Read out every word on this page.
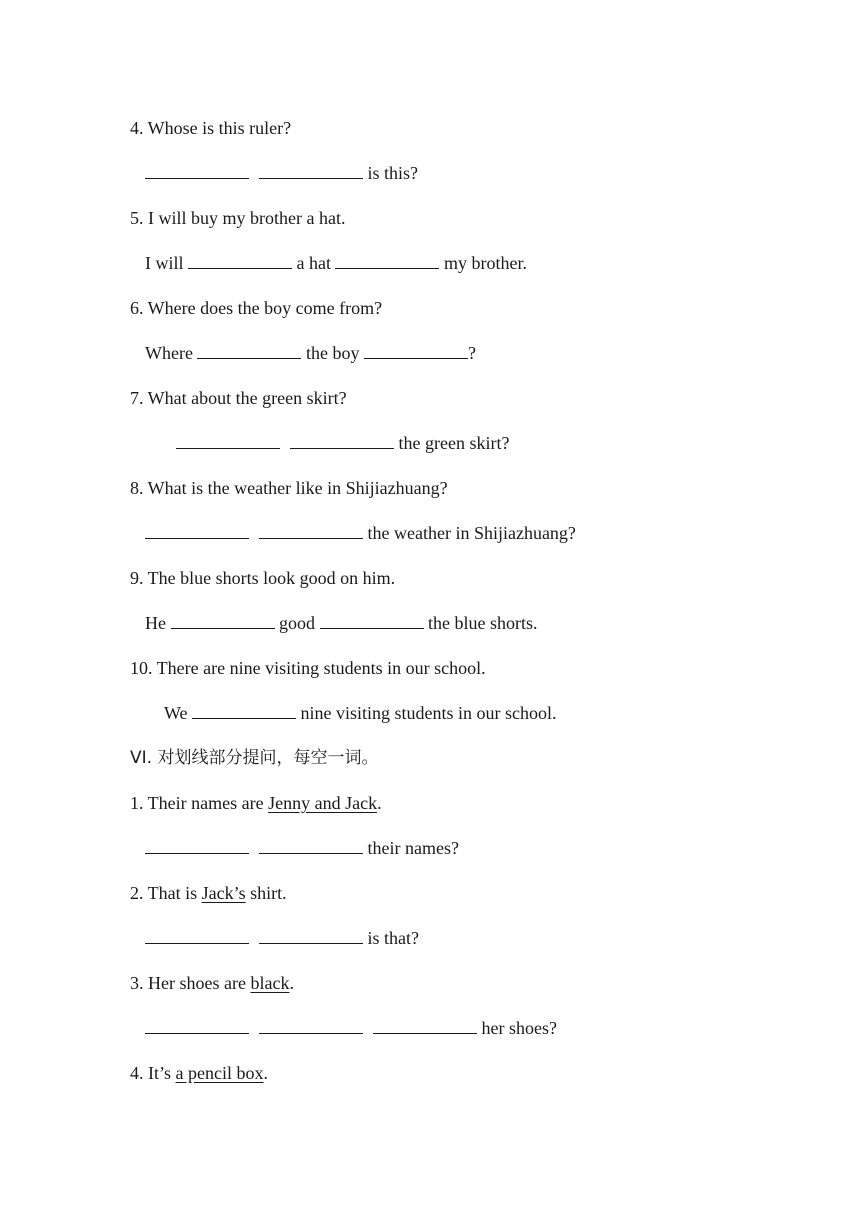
4. Whose is this ruler?
is this?
5. I will buy my brother a hat.
I will	a hat	my brother.
6. Where does the boy come from?
Where	the boy	?
7. What about the green skirt?
the green skirt?
8. What is the weather like in Shijiazhuang?
the weather in Shijiazhuang?
9. The blue shorts look good on him.
He	good	the blue shorts.
10. There are nine visiting students in our school.
We	nine visiting students in our school.
VI. 对划线部分提问，每空一词。
1. Their names are Jenny and Jack.
their names?
2. That is Jack’s shirt.
is that?
3. Her shoes are black.
her shoes?
4. It’s a pencil box.
